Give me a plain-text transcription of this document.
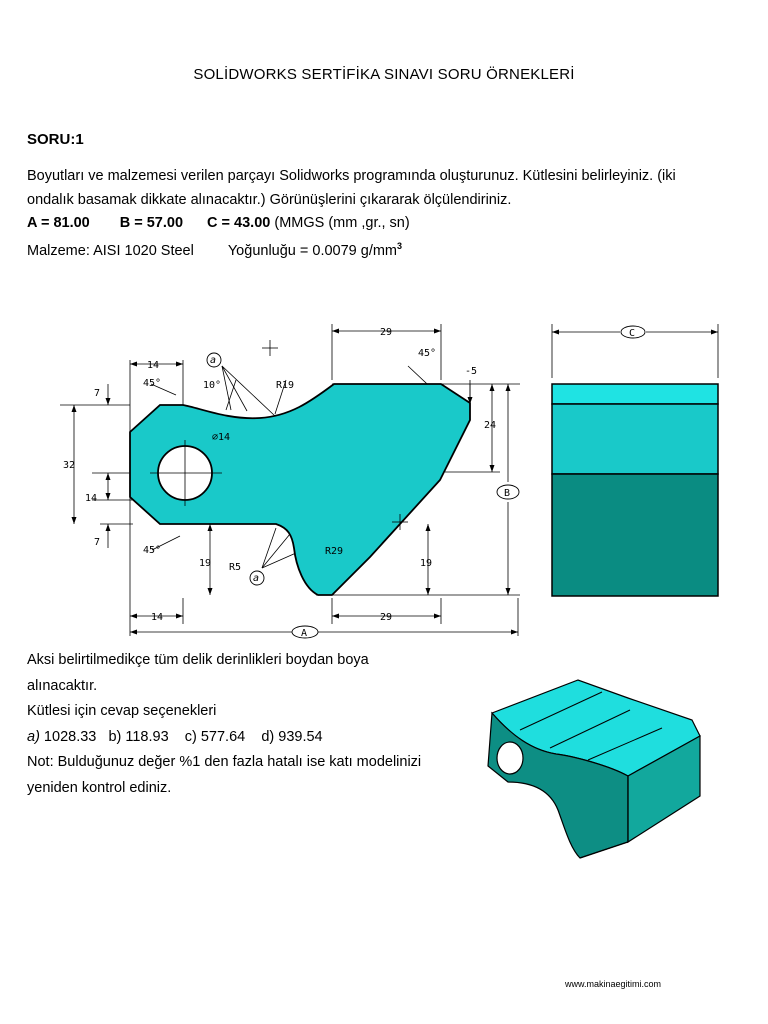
SOLİDWORKS SERTİFİKA SINAVI SORU ÖRNEKLERİ
SORU:1
Boyutları ve malzemesi verilen parçayı Solidworks programında oluşturunuz. Kütlesini belirleyiniz. (iki
ondalık basamak dikkate alınacaktır.) Görünüşlerini çıkararak ölçülendiriniz.
A = 81.00 B = 57.00 C = 43.00 (MMGS (mm ,gr., sn)
Malzeme: AISI 1020 Steel Yoğunluğu = 0.0079 $g/mm^3$
29
14
45°	10°	R19
45°
-5
7
32
14
7
⌀14
24
B
45°
19 R5
R29
19
14	29
A
C
a
a
Aksi belirtilmedikçe tüm delik derinlikleri boydan boya
alınacaktır.
Kütlesi için cevap seçenekleri
a) 1028.33 b) 118.93    c) 577.64    d) 939.54
Not: Bulduğunuz değer %1 den fazla hatalı ise katı modelinizi
yeniden kontrol ediniz.
www.makinaegitimi.com
